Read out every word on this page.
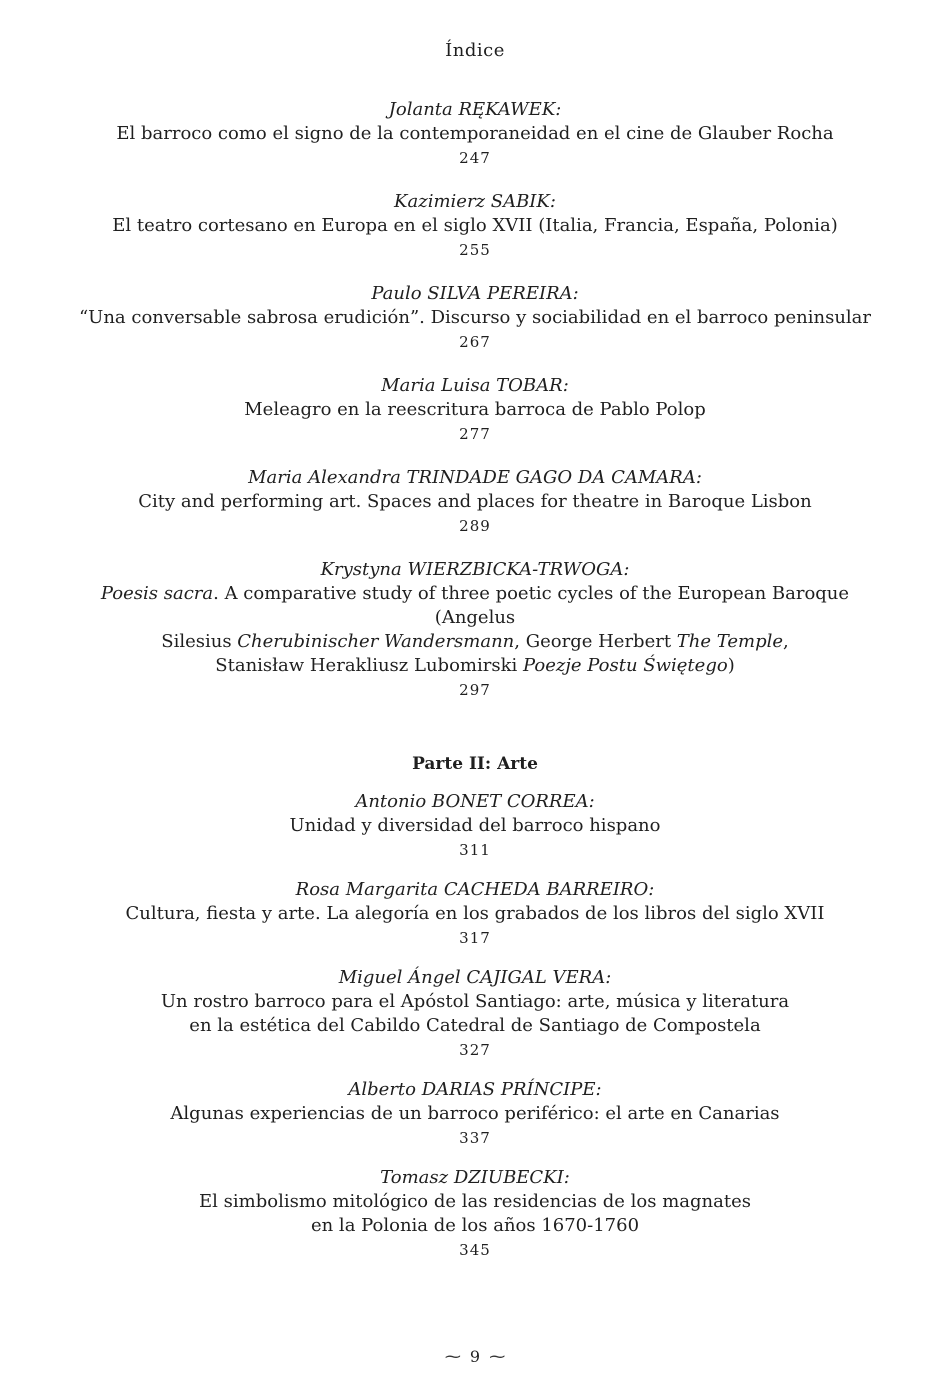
Índice
Jolanta RĘKAWEK:
El barroco como el signo de la contemporaneidad en el cine de Glauber Rocha
247
Kazimierz SABIK:
El teatro cortesano en Europa en el siglo XVII (Italia, Francia, España, Polonia)
255
Paulo SILVA PEREIRA:
“Una conversable sabrosa erudición”. Discurso y sociabilidad en el barroco peninsular
267
Maria Luisa TOBAR:
Meleagro en la reescritura barroca de Pablo Polop
277
Maria Alexandra TRINDADE GAGO DA CAMARA:
City and performing art. Spaces and places for theatre in Baroque Lisbon
289
Krystyna WIERZBICKA-TRWOGA:
Poesis sacra. A comparative study of three poetic cycles of the European Baroque (Angelus
Silesius Cherubinischer Wandersmann, George Herbert The Temple,
Stanisław Herakliusz Lubomirski Poezje Postu Świętego)
297
Parte II: Arte
Antonio BONET CORREA:
Unidad y diversidad del barroco hispano
311
Rosa Margarita CACHEDA BARREIRO:
Cultura, fiesta y arte. La alegoría en los grabados de los libros del siglo XVII
317
Miguel Ángel CAJIGAL VERA:
Un rostro barroco para el Apóstol Santiago: arte, música y literatura
en la estética del Cabildo Catedral de Santiago de Compostela
327
Alberto DARIAS PRÍNCIPE:
Algunas experiencias de un barroco periférico: el arte en Canarias
337
Tomasz DZIUBECKI:
El simbolismo mitológico de las residencias de los magnates
en la Polonia de los años 1670-1760
345
⁓ 9 ⁓
